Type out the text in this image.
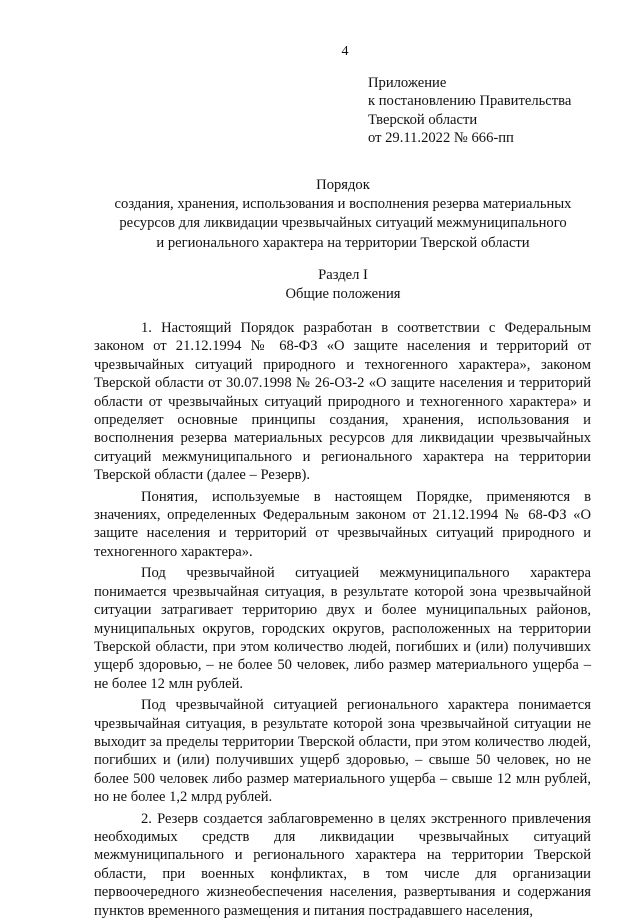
4
Приложение
к постановлению Правительства
Тверской области
от 29.11.2022 № 666-пп
Порядок
создания, хранения, использования и восполнения резерва материальных
ресурсов для ликвидации чрезвычайных ситуаций межмуниципального
и регионального характера на территории Тверской области
Раздел I
Общие положения

1. Настоящий Порядок разработан в соответствии с Федеральным законом от 21.12.1994 № 68-ФЗ «О защите населения и территорий от чрезвычайных ситуаций природного и техногенного характера», законом Тверской области от 30.07.1998 № 26-ОЗ-2 «О защите населения и территорий области от чрезвычайных ситуаций природного и техногенного характера» и определяет основные принципы создания, хранения, использования и восполнения резерва материальных ресурсов для ликвидации чрезвычайных ситуаций межмуниципального и регионального характера на территории Тверской области (далее – Резерв).

Понятия, используемые в настоящем Порядке, применяются в значениях, определенных Федеральным законом от 21.12.1994 № 68-ФЗ «О защите населения и территорий от чрезвычайных ситуаций природного и техногенного характера».

Под чрезвычайной ситуацией межмуниципального характера понимается чрезвычайная ситуация, в результате которой зона чрезвычайной ситуации затрагивает территорию двух и более муниципальных районов, муниципальных округов, городских округов, расположенных на территории Тверской области, при этом количество людей, погибших и (или) получивших ущерб здоровью, – не более 50 человек, либо размер материального ущерба – не более 12 млн рублей.

Под чрезвычайной ситуацией регионального характера понимается чрезвычайная ситуация, в результате которой зона чрезвычайной ситуации не выходит за пределы территории Тверской области, при этом количество людей, погибших и (или) получивших ущерб здоровью, – свыше 50 человек, но не более 500 человек либо размер материального ущерба – свыше 12 млн рублей, но не более 1,2 млрд рублей.

2. Резерв создается заблаговременно в целях экстренного привлечения необходимых средств для ликвидации чрезвычайных ситуаций межмуниципального и регионального характера на территории Тверской области, при военных конфликтах, в том числе для организации первоочередного жизнеобеспечения населения, развертывания и содержания пунктов временного размещения и питания пострадавшего населения,
